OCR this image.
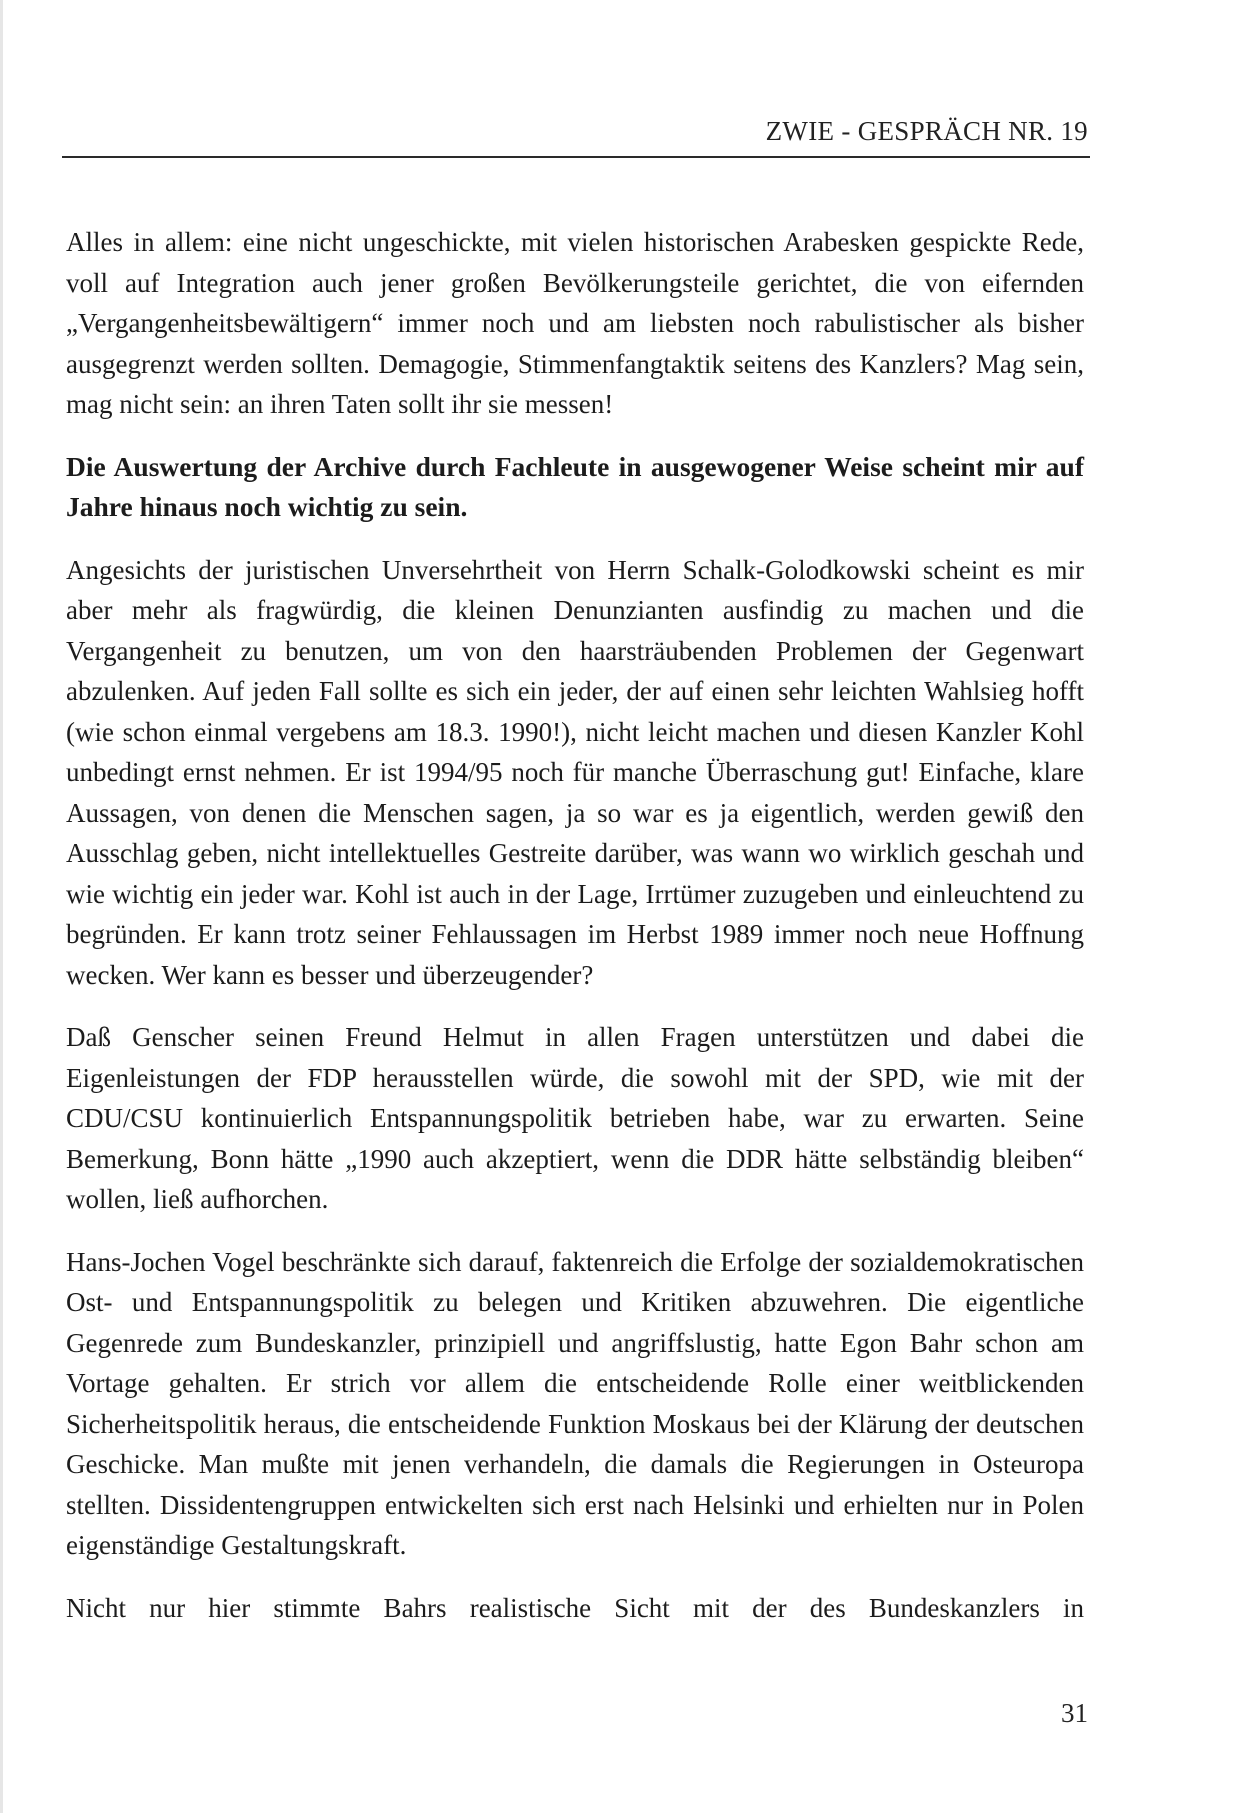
ZWIE - GESPRÄCH NR. 19

Alles in allem: eine nicht ungeschickte, mit vielen historischen Arabesken gespickte Rede, voll auf Integration auch jener großen Bevölkerungsteile gerichtet, die von eifernden „Vergangenheitsbewältigern“ immer noch und am liebsten noch rabulistischer als bisher ausgegrenzt werden sollten. Demagogie, Stimmenfangtaktik seitens des Kanzlers? Mag sein, mag nicht sein: an ihren Taten sollt ihr sie messen!

Die Auswertung der Archive durch Fachleute in ausgewogener Weise scheint mir auf Jahre hinaus noch wichtig zu sein.

Angesichts der juristischen Unversehrtheit von Herrn Schalk-Golodkowski scheint es mir aber mehr als fragwürdig, die kleinen Denunzianten ausfindig zu machen und die Vergangenheit zu benutzen, um von den haarsträubenden Problemen der Gegenwart abzulenken. Auf jeden Fall sollte es sich ein jeder, der auf einen sehr leichten Wahlsieg hofft (wie schon einmal vergebens am 18.3. 1990!), nicht leicht machen und diesen Kanzler Kohl unbedingt ernst nehmen. Er ist 1994/95 noch für manche Überraschung gut! Einfache, klare Aussagen, von denen die Menschen sagen, ja so war es ja eigentlich, werden gewiß den Ausschlag geben, nicht intellektuelles Gestreite darüber, was wann wo wirklich geschah und wie wichtig ein jeder war. Kohl ist auch in der Lage, Irrtümer zuzugeben und einleuchtend zu begründen. Er kann trotz seiner Fehlaussagen im Herbst 1989 immer noch neue Hoffnung wecken. Wer kann es besser und überzeugender?

Daß Genscher seinen Freund Helmut in allen Fragen unterstützen und dabei die Eigenleistungen der FDP herausstellen würde, die sowohl mit der SPD, wie mit der CDU/CSU kontinuierlich Entspannungspolitik betrieben habe, war zu erwarten. Seine Bemerkung, Bonn hätte „1990 auch akzeptiert, wenn die DDR hätte selbständig bleiben“ wollen, ließ aufhorchen.

Hans-Jochen Vogel beschränkte sich darauf, faktenreich die Erfolge der sozialdemokratischen Ost- und Entspannungspolitik zu belegen und Kritiken abzuwehren. Die eigentliche Gegenrede zum Bundeskanzler, prinzipiell und angriffslustig, hatte Egon Bahr schon am Vortage gehalten. Er strich vor allem die entscheidende Rolle einer weitblickenden Sicherheitspolitik heraus, die entscheidende Funktion Moskaus bei der Klärung der deutschen Geschicke. Man mußte mit jenen verhandeln, die damals die Regierungen in Osteuropa stellten. Dissidentengruppen entwickelten sich erst nach Helsinki und erhielten nur in Polen eigenständige Gestaltungskraft.

Nicht nur hier stimmte Bahrs realistische Sicht mit der des Bundeskanzlers in

31
